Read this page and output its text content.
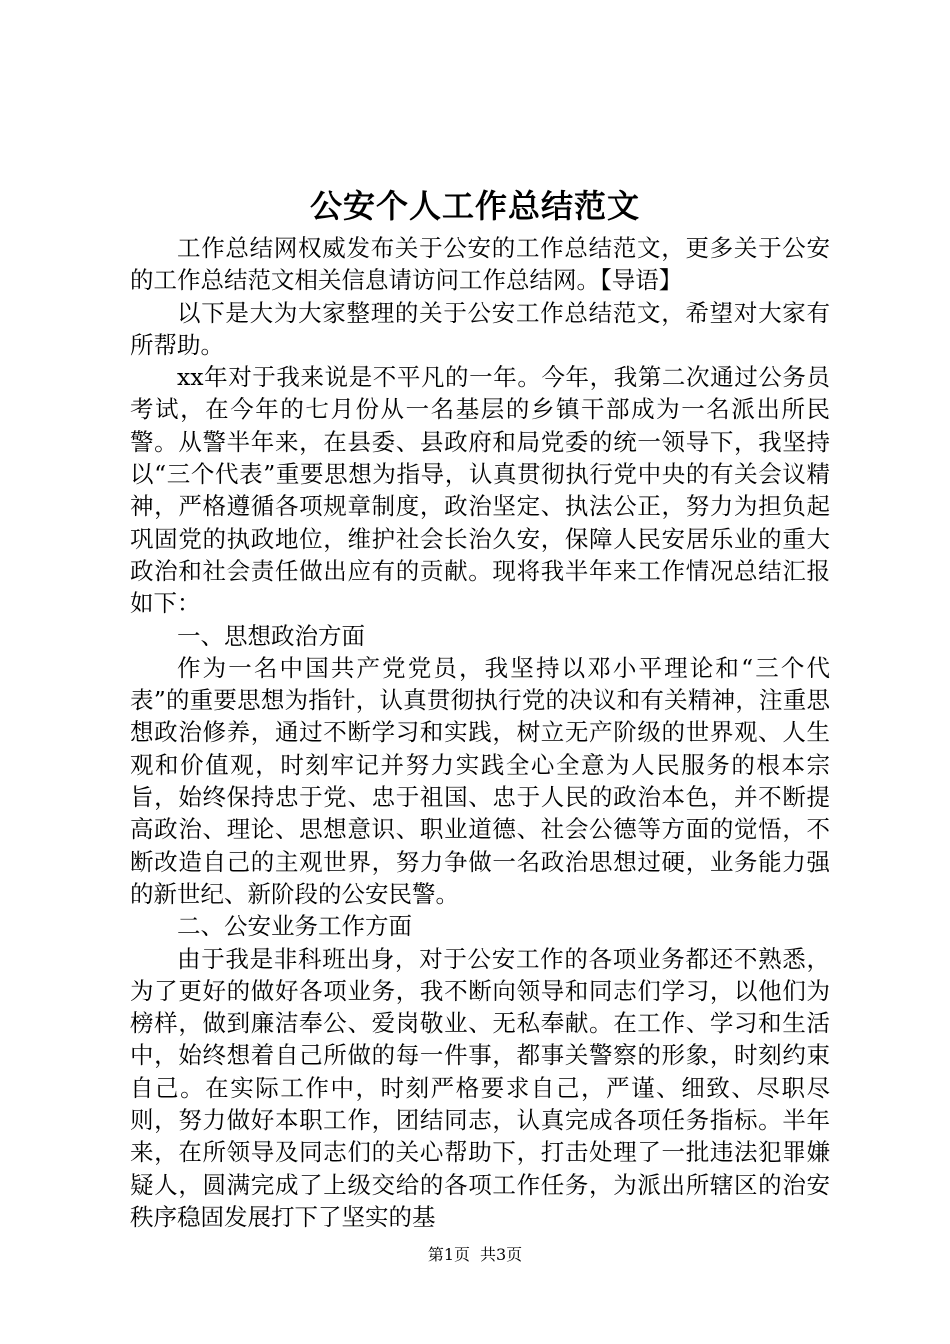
公安个人工作总结范文

工作总结网权威发布关于公安的工作总结范文，更多关于公安的工作总结范文相关信息请访问工作总结网。【导语】

以下是大为大家整理的关于公安工作总结范文，希望对大家有所帮助。

xx年对于我来说是不平凡的一年。今年，我第二次通过公务员考试，在今年的七月份从一名基层的乡镇干部成为一名派出所民警。从警半年来，在县委、县政府和局党委的统一领导下，我坚持以“三个代表”重要思想为指导，认真贯彻执行党中央的有关会议精神，严格遵循各项规章制度，政治坚定、执法公正，努力为担负起巩固党的执政地位，维护社会长治久安，保障人民安居乐业的重大政治和社会责任做出应有的贡献。现将我半年来工作情况总结汇报如下：

一、思想政治方面

作为一名中国共产党党员，我坚持以邓小平理论和“三个代表”的重要思想为指针，认真贯彻执行党的决议和有关精神，注重思想政治修养，通过不断学习和实践，树立无产阶级的世界观、人生观和价值观，时刻牢记并努力实践全心全意为人民服务的根本宗旨，始终保持忠于党、忠于祖国、忠于人民的政治本色，并不断提高政治、理论、思想意识、职业道德、社会公德等方面的觉悟，不断改造自己的主观世界，努力争做一名政治思想过硬，业务能力强的新世纪、新阶段的公安民警。

二、公安业务工作方面

由于我是非科班出身，对于公安工作的各项业务都还不熟悉，为了更好的做好各项业务，我不断向领导和同志们学习，以他们为榜样，做到廉洁奉公、爱岗敬业、无私奉献。在工作、学习和生活中，始终想着自己所做的每一件事，都事关警察的形象，时刻约束自己。在实际工作中，时刻严格要求自己，严谨、细致、尽职尽则，努力做好本职工作，团结同志，认真完成各项任务指标。半年来，在所领导及同志们的关心帮助下，打击处理了一批违法犯罪嫌疑人，圆满完成了上级交给的各项工作任务，为派出所辖区的治安秩序稳固发展打下了坚实的基

第1页 共3页
